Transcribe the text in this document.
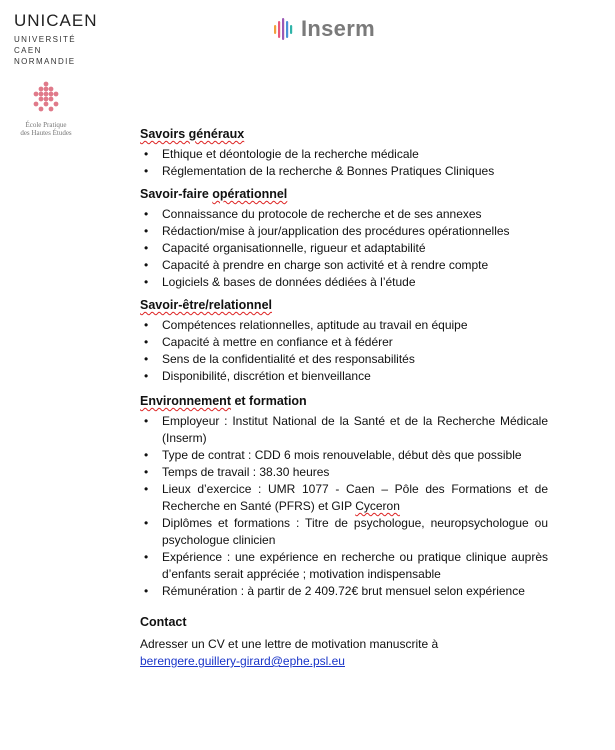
UNICAEN
UNIVERSITÉ
CAEN
NORMANDIE
École Pratique
des Hautes Études
Inserm
Savoirs généraux
• Ethique et déontologie de la recherche médicale
• Réglementation de la recherche & Bonnes Pratiques Cliniques
Savoir-faire opérationnel
• Connaissance du protocole de recherche et de ses annexes
• Rédaction/mise à jour/application des procédures opérationnelles
• Capacité organisationnelle, rigueur et adaptabilité
• Capacité à prendre en charge son activité et à rendre compte
• Logiciels & bases de données dédiées à l’étude
Savoir-être/relationnel
• Compétences relationnelles, aptitude au travail en équipe
• Capacité à mettre en confiance et à fédérer
• Sens de la confidentialité et des responsabilités
• Disponibilité, discrétion et bienveillance
Environnement et formation
• Employeur : Institut National de la Santé et de la Recherche Médicale (Inserm)
• Type de contrat : CDD 6 mois renouvelable, début dès que possible
• Temps de travail : 38.30 heures
• Lieux d’exercice : UMR 1077 - Caen – Pôle des Formations et de Recherche en Santé (PFRS) et GIP Cyceron
• Diplômes et formations : Titre de psychologue, neuropsychologue ou psychologue clinicien
• Expérience : une expérience en recherche ou pratique clinique auprès d’enfants serait appréciée ; motivation indispensable
• Rémunération : à partir de 2 409.72€ brut mensuel selon expérience
Contact
Adresser un CV et une lettre de motivation manuscrite à
berengere.guillery-girard@ephe.psl.eu
